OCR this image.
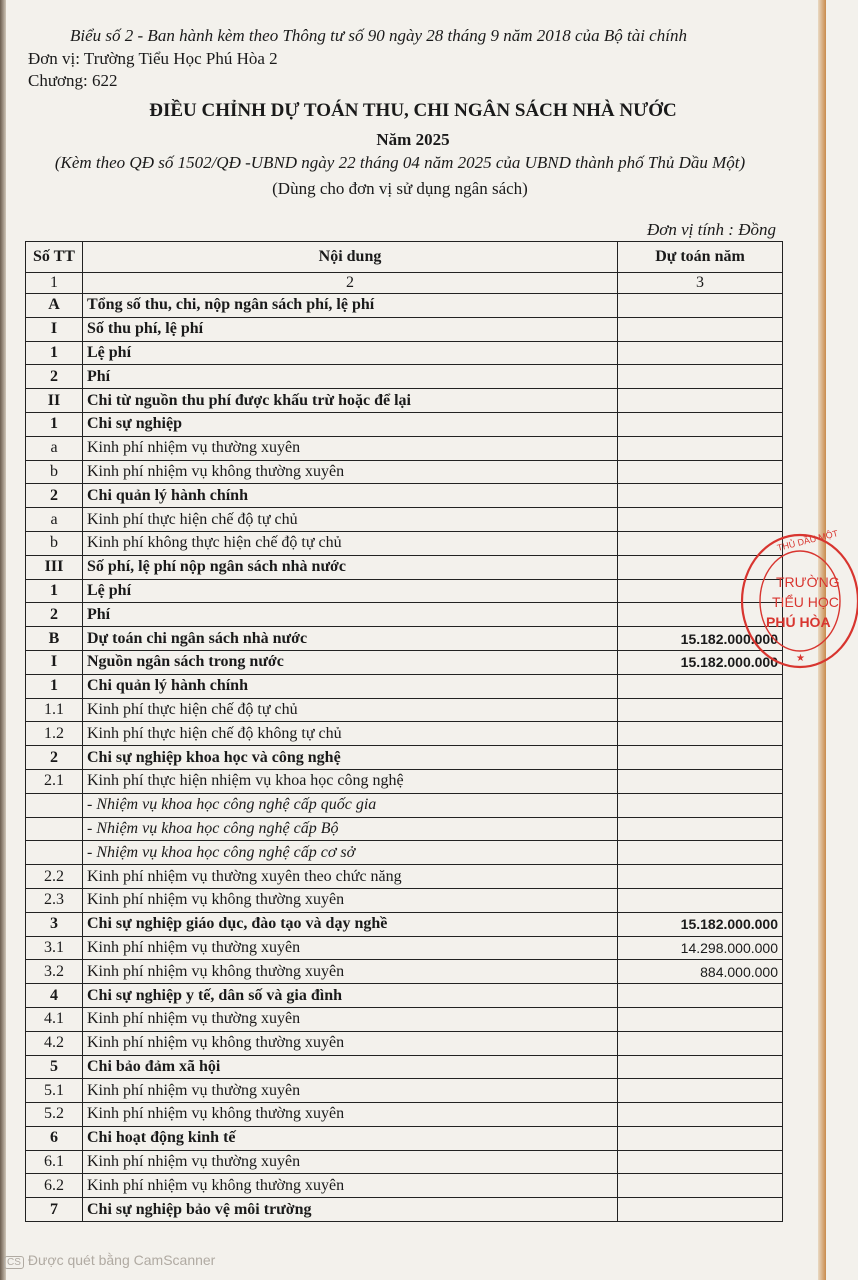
Biểu số 2 - Ban hành kèm theo Thông tư số 90 ngày 28 tháng 9 năm 2018 của Bộ tài chính
Đơn vị: Trường Tiểu Học Phú Hòa 2
Chương: 622
ĐIỀU CHỈNH DỰ TOÁN THU, CHI NGÂN SÁCH NHÀ NƯỚC
Năm 2025
(Kèm theo QĐ số 1502/QĐ -UBND ngày 22 tháng 04 năm 2025 của UBND thành phố Thủ Dầu Một)
(Dùng cho đơn vị sử dụng ngân sách)
Đơn vị tính : Đồng
Số TT	Nội dung	Dự toán năm
1	2	3
A	Tổng số thu, chi, nộp ngân sách phí, lệ phí	
I	Số thu phí, lệ phí	
1	Lệ phí	
2	Phí	
II	Chi từ nguồn thu phí được khấu trừ hoặc để lại	
1	Chi sự nghiệp	
a	Kinh phí nhiệm vụ thường xuyên	
b	Kinh phí nhiệm vụ không thường xuyên	
2	Chi quản lý hành chính	
a	Kinh phí thực hiện chế độ tự chủ	
b	Kinh phí không thực hiện chế độ tự chủ	
III	Số phí, lệ phí nộp ngân sách nhà nước	
1	Lệ phí	
2	Phí	
B	Dự toán chi ngân sách nhà nước	15.182.000.000
I	Nguồn ngân sách trong nước	15.182.000.000
1	Chi quản lý hành chính	
1.1	Kinh phí thực hiện chế độ tự chủ	
1.2	Kinh phí thực hiện chế độ không tự chủ	
2	Chi sự nghiệp khoa học và công nghệ	
2.1	Kinh phí thực hiện nhiệm vụ khoa học công nghệ	
	- Nhiệm vụ khoa học công nghệ cấp quốc gia	
	- Nhiệm vụ khoa học công nghệ cấp Bộ	
	- Nhiệm vụ khoa học công nghệ cấp cơ sở	
2.2	Kinh phí nhiệm vụ thường xuyên theo chức năng	
2.3	Kinh phí nhiệm vụ không thường xuyên	
3	Chi sự nghiệp giáo dục, đào tạo và dạy nghề	15.182.000.000
3.1	Kinh phí nhiệm vụ thường xuyên	14.298.000.000
3.2	Kinh phí nhiệm vụ không thường xuyên	884.000.000
4	Chi sự nghiệp y tế, dân số và gia đình	
4.1	Kinh phí nhiệm vụ thường xuyên	
4.2	Kinh phí nhiệm vụ không thường xuyên	
5	Chi bảo đảm xã hội	
5.1	Kinh phí nhiệm vụ thường xuyên	
5.2	Kinh phí nhiệm vụ không thường xuyên	
6	Chi hoạt động kinh tế	
6.1	Kinh phí nhiệm vụ thường xuyên	
6.2	Kinh phí nhiệm vụ không thường xuyên	
7	Chi sự nghiệp bảo vệ môi trường	
THỦ DẦU MỘT
TRƯỜNG
TIỂU HỌC
PHÚ HÒA
★
CS Được quét bằng CamScanner
